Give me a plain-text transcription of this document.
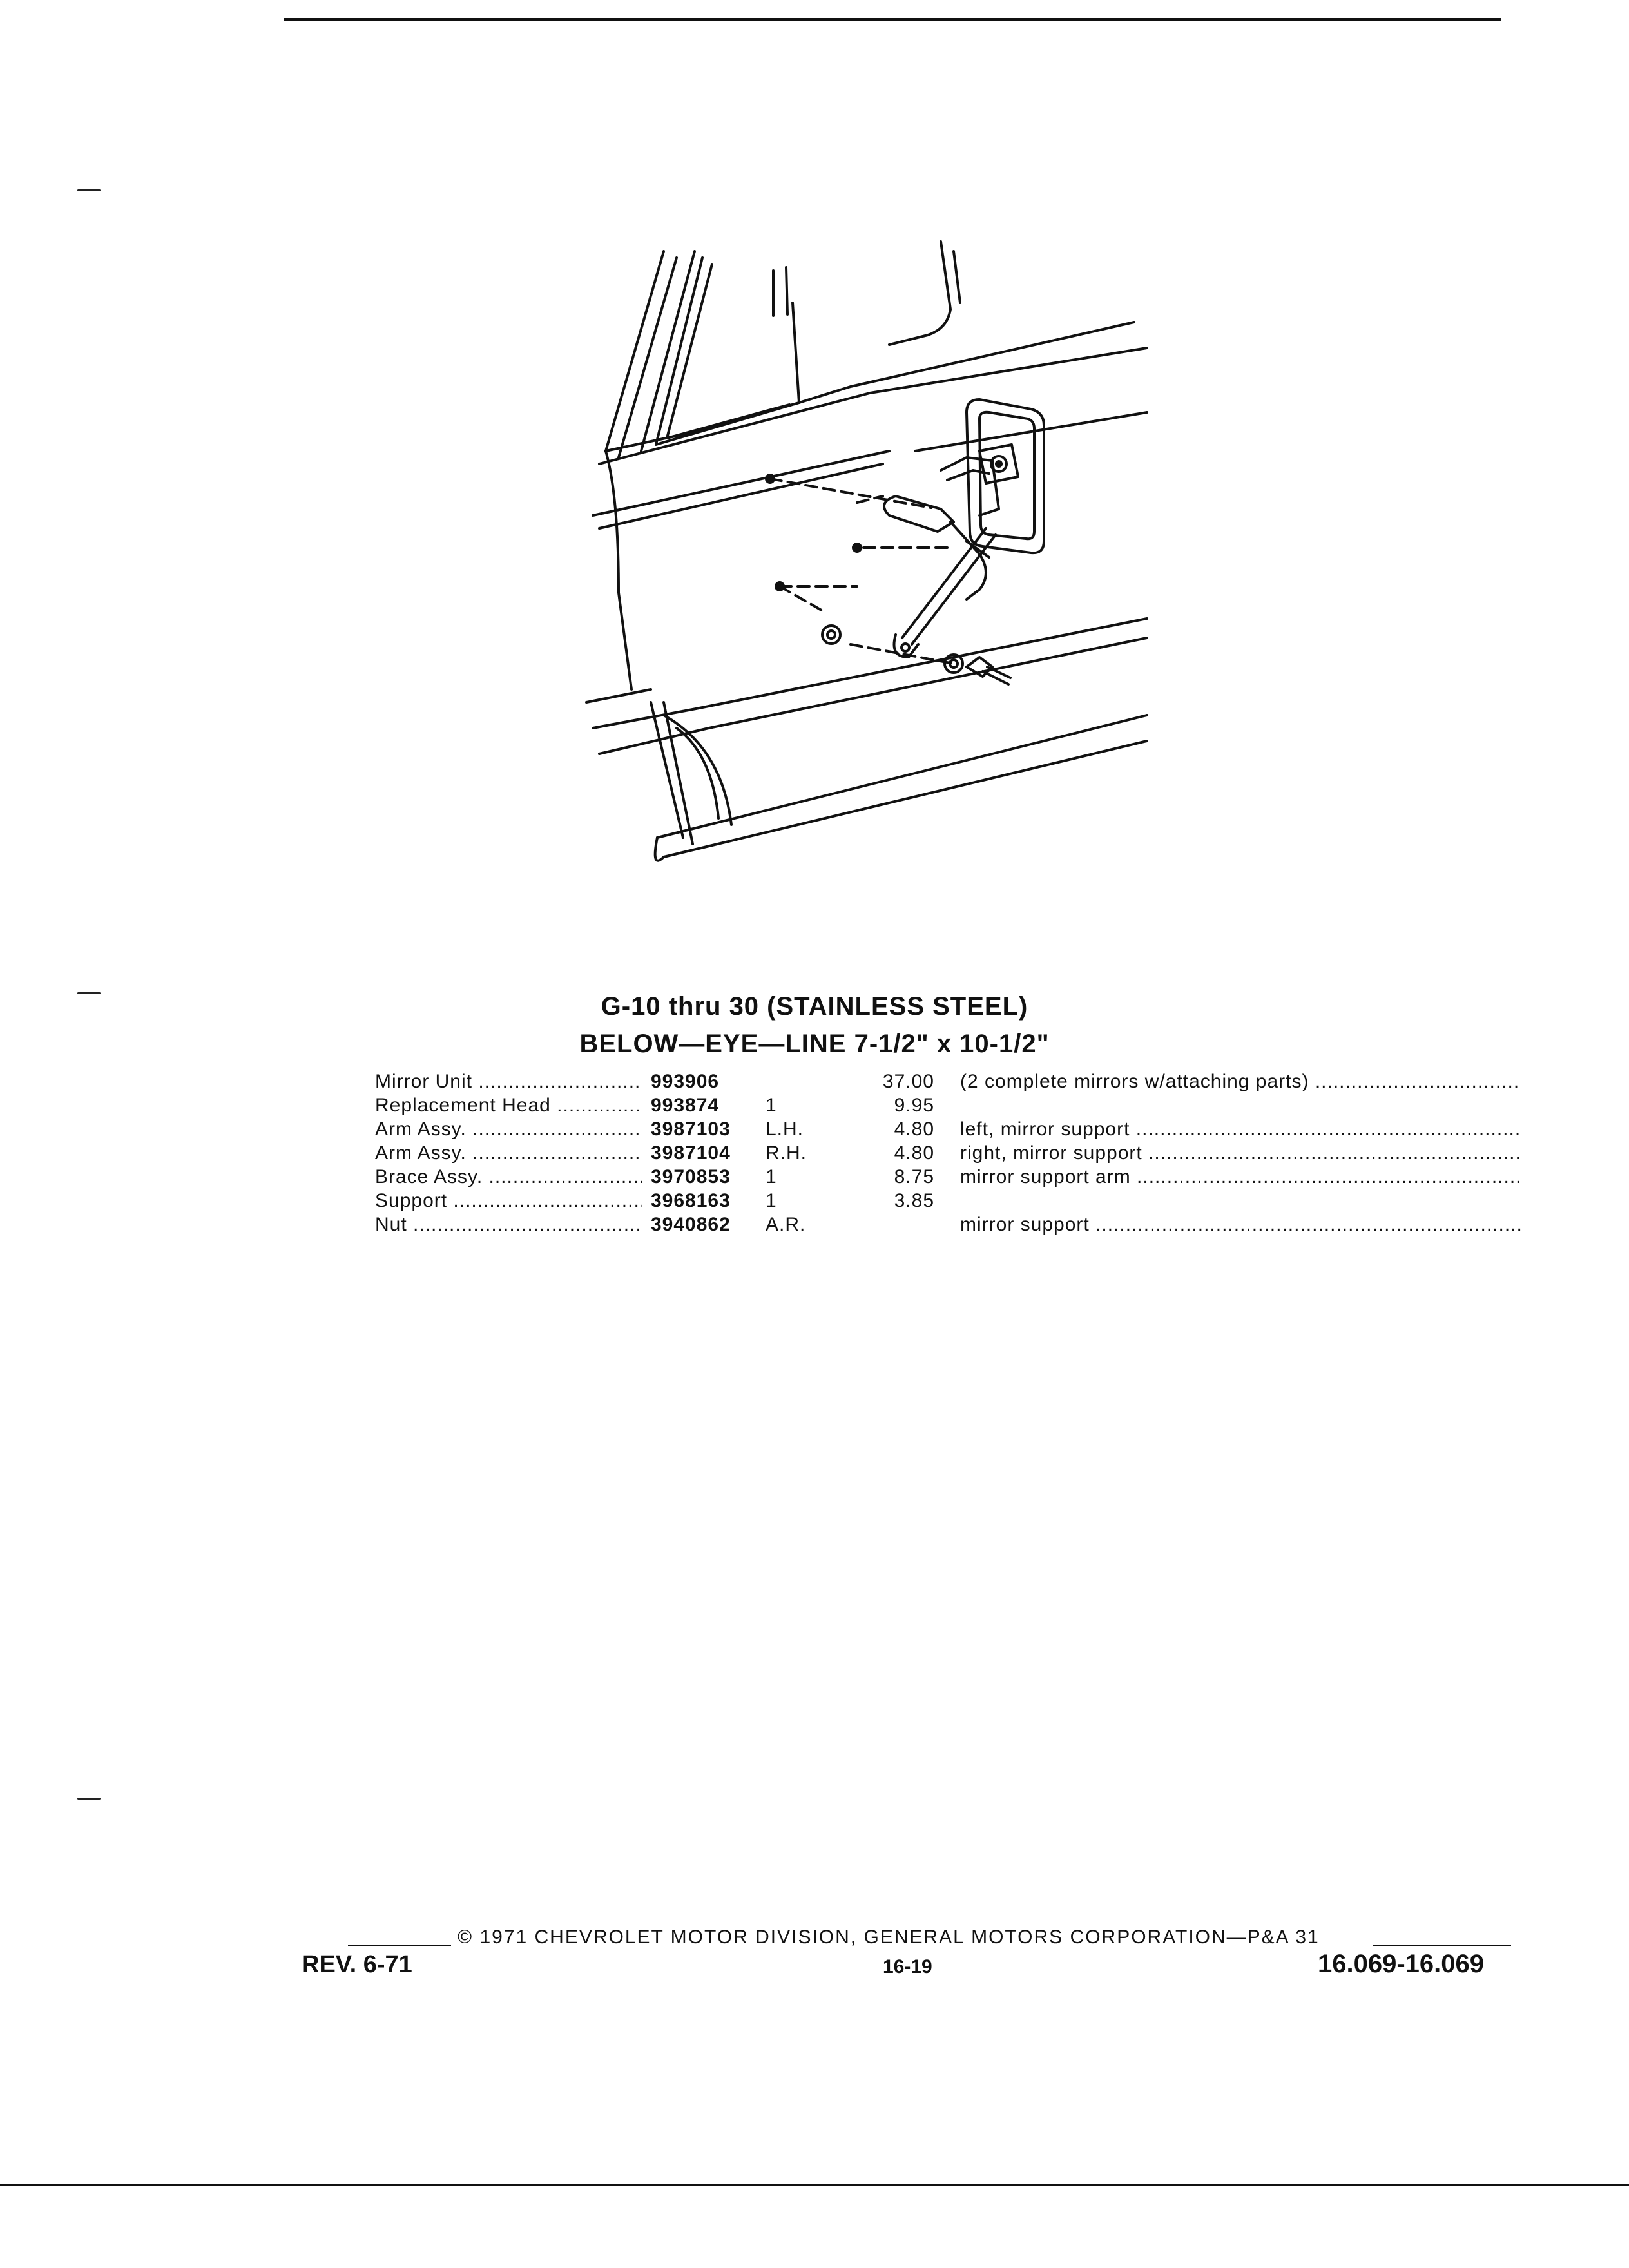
G-10 thru 30 (STAINLESS STEEL)
BELOW—EYE—LINE 7-1/2" x 10-1/2"
Mirror Unit .....	993906	37.00 (2 complete mirrors w/attaching parts) .....
Replacement Head .....	993874 1	9.95
Arm Assy. .....	3987103 L.H.	4.80 left, mirror support .....
Arm Assy. .....	3987104 R.H.	4.80 right, mirror support .....
Brace Assy. .....	3970853 1	8.75 mirror support arm .....
Support .....	3968163 1	3.85
Nut .....	3940862 A.R.	mirror support .....
© 1971 CHEVROLET MOTOR DIVISION, GENERAL MOTORS CORPORATION—P&A 31
REV. 6-71	16-19	16.069-16.069
